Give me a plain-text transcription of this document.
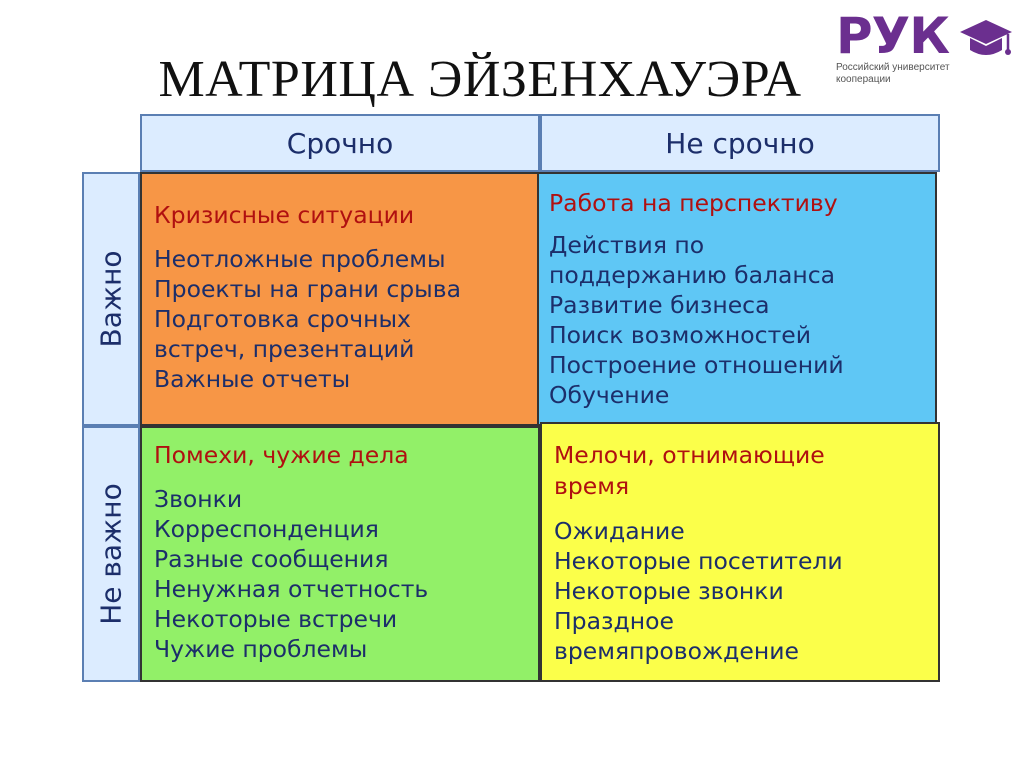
МАТРИЦА ЭЙЗЕНХАУЭРА
РУК
Российский университет
кооперации
Срочно	Не срочно
Важно
Не важно
Кризисные ситуации
Неотложные проблемы
Проекты на грани срыва
Подготовка срочных
встреч, презентаций
Важные отчеты
Работа на перспективу
Действия по
поддержанию баланса
Развитие бизнеса
Поиск возможностей
Построение отношений
Обучение
Помехи, чужие дела
Звонки
Корреспонденция
Разные сообщения
Ненужная отчетность
Некоторые встречи
Чужие проблемы
Мелочи, отнимающие
время
Ожидание
Некоторые посетители
Некоторые звонки
Праздное
времяпровождение
